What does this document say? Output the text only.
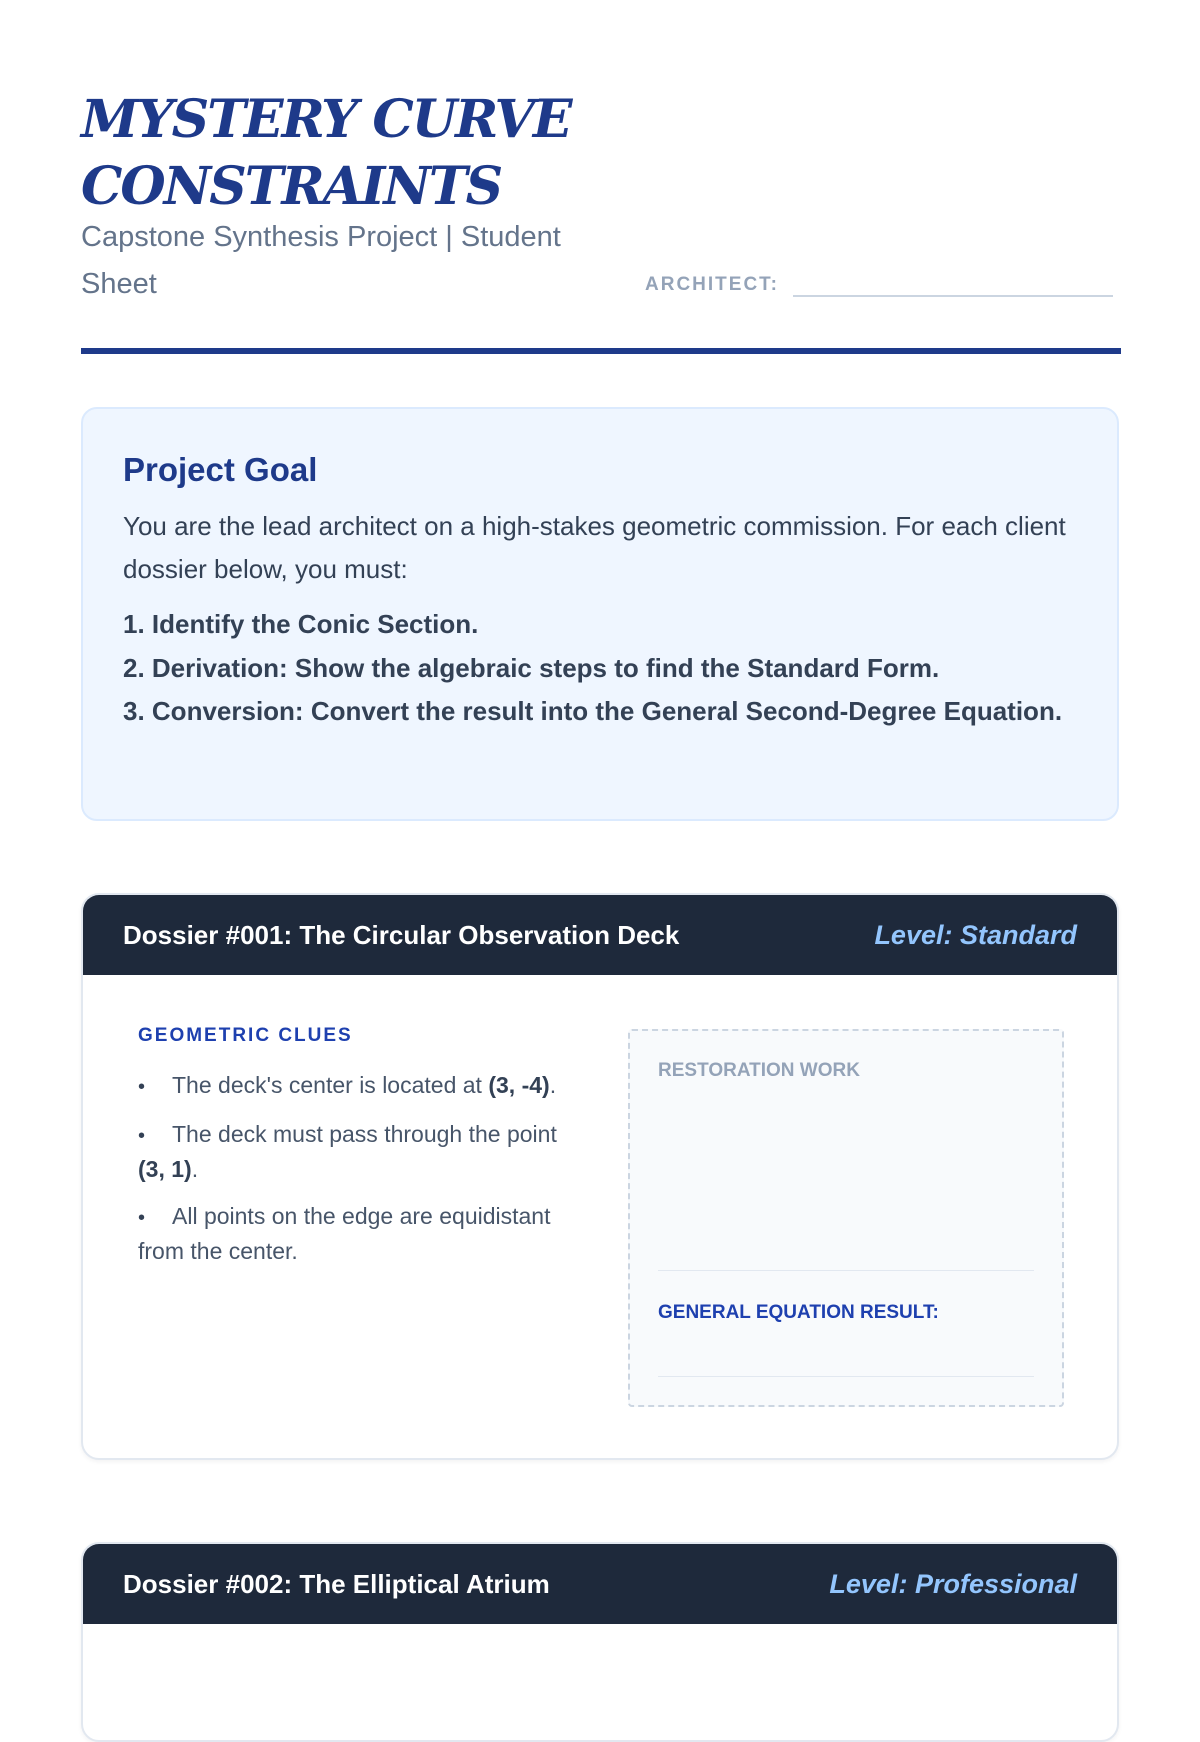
MYSTERY CURVE CONSTRAINTS
Capstone Synthesis Project | Student Sheet	ARCHITECT:
Project Goal

You are the lead architect on a high-stakes geometric commission. For each client dossier below, you must:

1. Identify the Conic Section.
2. Derivation: Show the algebraic steps to find the Standard Form.
3. Conversion: Convert the result into the General Second-Degree Equation.
Dossier #001: The Circular Observation Deck	Level: Standard
GEOMETRIC CLUES
• The deck's center is located at (3, -4).
• The deck must pass through the point (3, 1).
• All points on the edge are equidistant from the center.
RESTORATION WORK
GENERAL EQUATION RESULT:
Dossier #002: The Elliptical Atrium	Level: Professional
